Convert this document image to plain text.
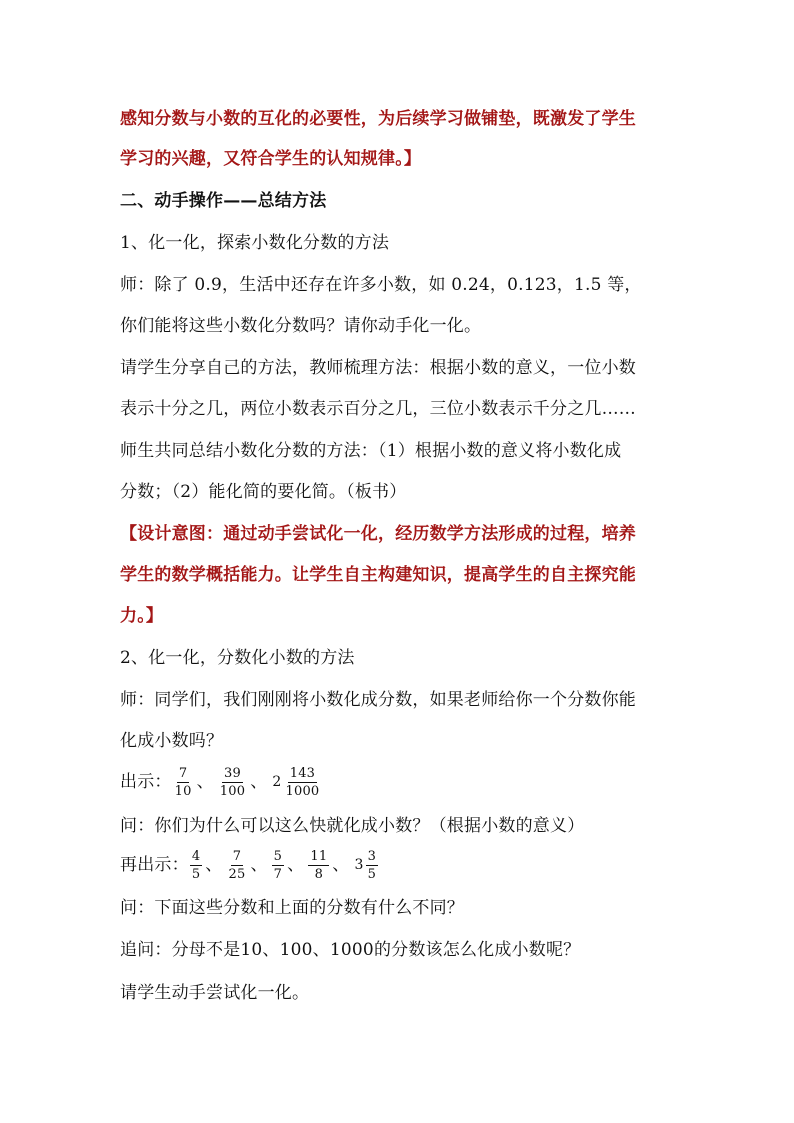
感知分数与小数的互化的必要性，为后续学习做铺垫，既激发了学生
学习的兴趣，又符合学生的认知规律。】
二、动手操作——总结方法
1、化一化，探索小数化分数的方法
师：除了 0.9，生活中还存在许多小数，如 0.24，0.123，1.5 等，
你们能将这些小数化分数吗？请你动手化一化。
请学生分享自己的方法，教师梳理方法：根据小数的意义，一位小数
表示十分之几，两位小数表示百分之几，三位小数表示千分之几……
师生共同总结小数化分数的方法：（1）根据小数的意义将小数化成
分数；（2）能化简的要化简。（板书）
【设计意图：通过动手尝试化一化，经历数学方法形成的过程，培养
学生的数学概括能力。让学生自主构建知识，提高学生的自主探究能
力。】
2、化一化，分数化小数的方法
师：同学们，我们刚刚将小数化成分数，如果老师给你一个分数你能
化成小数吗？
出示： $\frac{7}{10}$ 、 $\frac{39}{100}$ 、 $2 \frac{143}{1000}$
问：你们为什么可以这么快就化成小数？（根据小数的意义）
再出示： $\frac{4}{5}$ 、 $\frac{7}{25}$ 、 $\frac{5}{7}$ 、 $\frac{11}{8}$ 、 $3 \frac{3}{5}$
问：下面这些分数和上面的分数有什么不同？
追问：分母不是10、100、1000的分数该怎么化成小数呢？
请学生动手尝试化一化。
